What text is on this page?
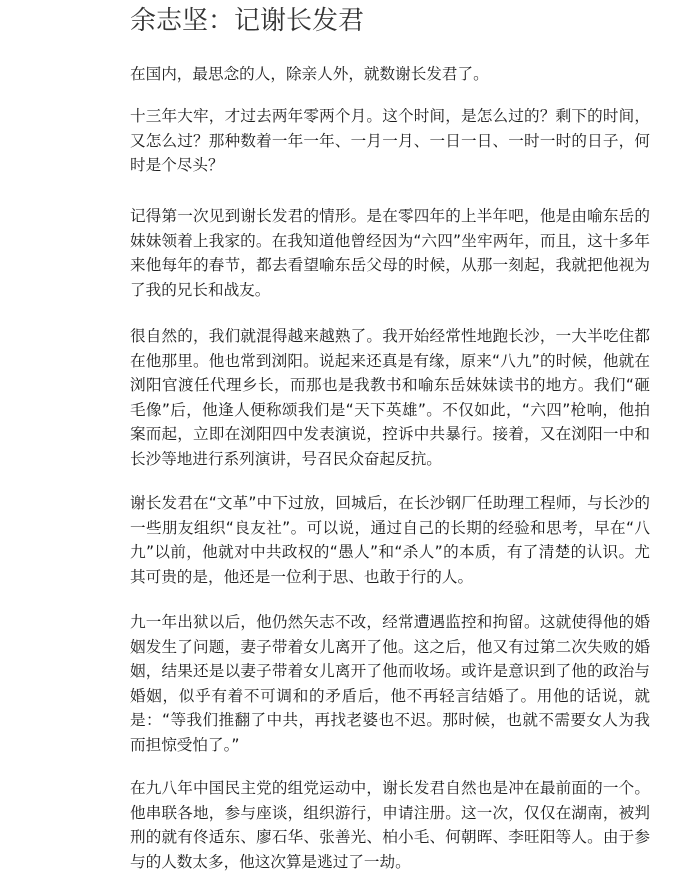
余志坚：记谢长发君

在国内，最思念的人，除亲人外，就数谢长发君了。

十三年大牢，才过去两年零两个月。这个时间，是怎么过的？剩下的时间，又怎么过？那种数着一年一年、一月一月、一日一日、一时一时的日子，何时是个尽头？

记得第一次见到谢长发君的情形。是在零四年的上半年吧，他是由喻东岳的妹妹领着上我家的。在我知道他曾经因为“六四”坐牢两年，而且，这十多年来他每年的春节，都去看望喻东岳父母的时候，从那一刻起，我就把他视为了我的兄长和战友。

很自然的，我们就混得越来越熟了。我开始经常性地跑长沙，一大半吃住都在他那里。他也常到浏阳。说起来还真是有缘，原来“八九”的时候，他就在浏阳官渡任代理乡长，而那也是我教书和喻东岳妹妹读书的地方。我们“砸毛像”后，他逢人便称颂我们是“天下英雄”。不仅如此，“六四”枪响，他拍案而起，立即在浏阳四中发表演说，控诉中共暴行。接着，又在浏阳一中和长沙等地进行系列演讲，号召民众奋起反抗。

谢长发君在“文革”中下过放，回城后，在长沙钢厂任助理工程师，与长沙的一些朋友组织“良友社”。可以说，通过自己的长期的经验和思考，早在“八九”以前，他就对中共政权的“愚人”和“杀人”的本质，有了清楚的认识。尤其可贵的是，他还是一位利于思、也敢于行的人。

九一年出狱以后，他仍然矢志不改，经常遭遇监控和拘留。这就使得他的婚姻发生了问题，妻子带着女儿离开了他。这之后，他又有过第二次失败的婚姻，结果还是以妻子带着女儿离开了他而收场。或许是意识到了他的政治与婚姻，似乎有着不可调和的矛盾后，他不再轻言结婚了。用他的话说，就是：“等我们推翻了中共，再找老婆也不迟。那时候，也就不需要女人为我而担惊受怕了。”

在九八年中国民主党的组党运动中，谢长发君自然也是冲在最前面的一个。他串联各地，参与座谈，组织游行，申请注册。这一次，仅仅在湖南，被判刑的就有佟适东、廖石华、张善光、柏小毛、何朝晖、李旺阳等人。由于参与的人数太多，他这次算是逃过了一劫。
